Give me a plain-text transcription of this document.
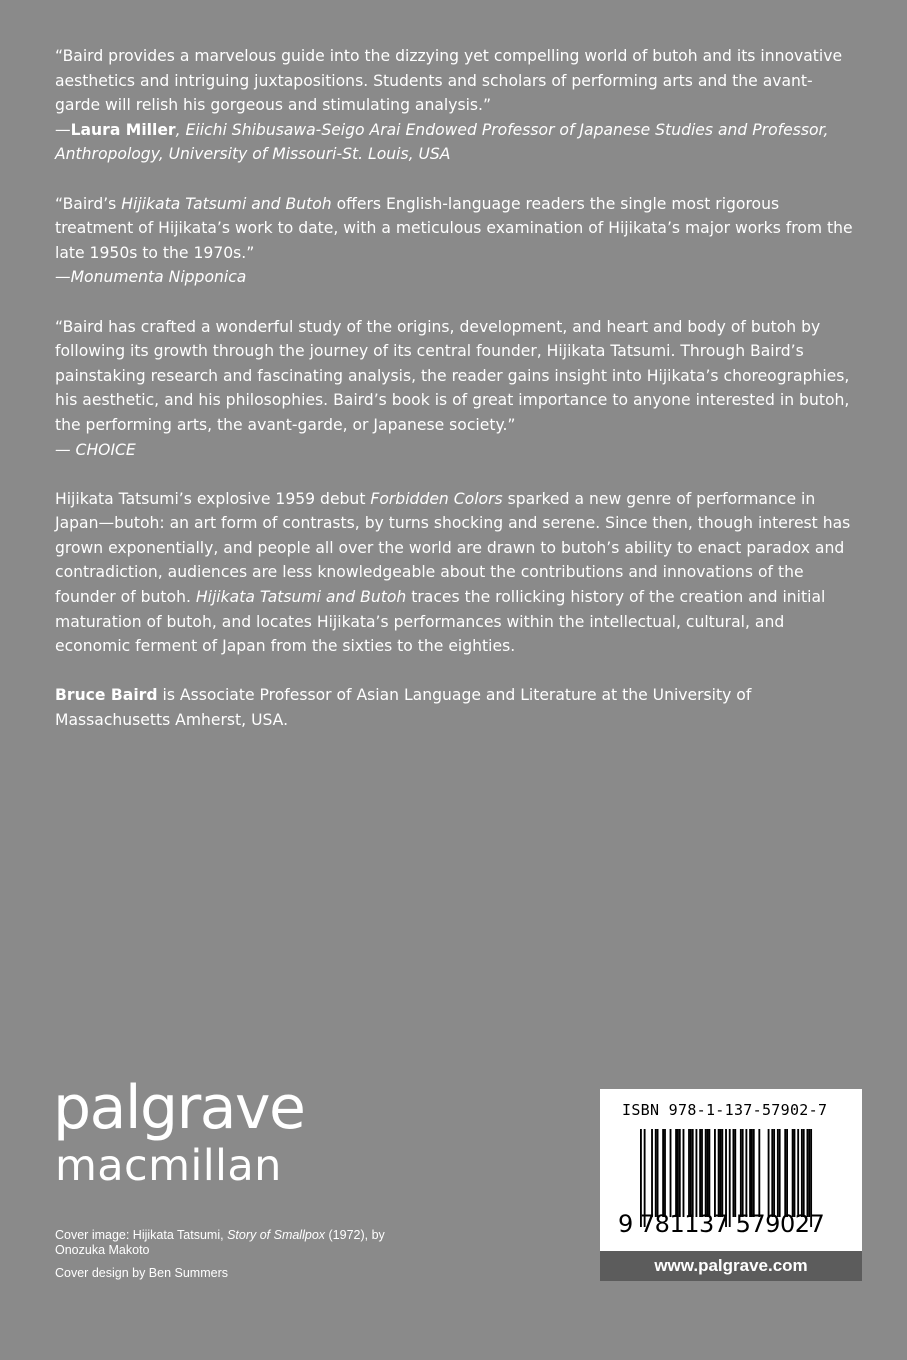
“Baird provides a marvelous guide into the dizzying yet compelling world of butoh and its innovative aesthetics and intriguing juxtapositions. Students and scholars of performing arts and the avant-garde will relish his gorgeous and stimulating analysis.”
—Laura Miller, Eiichi Shibusawa-Seigo Arai Endowed Professor of Japanese Studies and Professor, Anthropology, University of Missouri-St. Louis, USA

“Baird’s Hijikata Tatsumi and Butoh offers English-language readers the single most rigorous treatment of Hijikata’s work to date, with a meticulous examination of Hijikata’s major works from the late 1950s to the 1970s.”
—Monumenta Nipponica

“Baird has crafted a wonderful study of the origins, development, and heart and body of butoh by following its growth through the journey of its central founder, Hijikata Tatsumi. Through Baird’s painstaking research and fascinating analysis, the reader gains insight into Hijikata’s choreographies, his aesthetic, and his philosophies. Baird’s book is of great importance to anyone interested in butoh, the performing arts, the avant-garde, or Japanese society.”
— CHOICE

Hijikata Tatsumi’s explosive 1959 debut Forbidden Colors sparked a new genre of performance in Japan—butoh: an art form of contrasts, by turns shocking and serene. Since then, though interest has grown exponentially, and people all over the world are drawn to butoh’s ability to enact paradox and contradiction, audiences are less knowledgeable about the contributions and innovations of the founder of butoh. Hijikata Tatsumi and Butoh traces the rollicking history of the creation and initial maturation of butoh, and locates Hijikata’s performances within the intellectual, cultural, and economic ferment of Japan from the sixties to the eighties.

Bruce Baird is Associate Professor of Asian Language and Literature at the University of Massachusetts Amherst, USA.

palgrave
macmillan

Cover image: Hijikata Tatsumi, Story of Smallpox (1972), by Onozuka Makoto

Cover design by Ben Summers

ISBN 978-1-137-57902-7
9 781137 579027
www.palgrave.com
